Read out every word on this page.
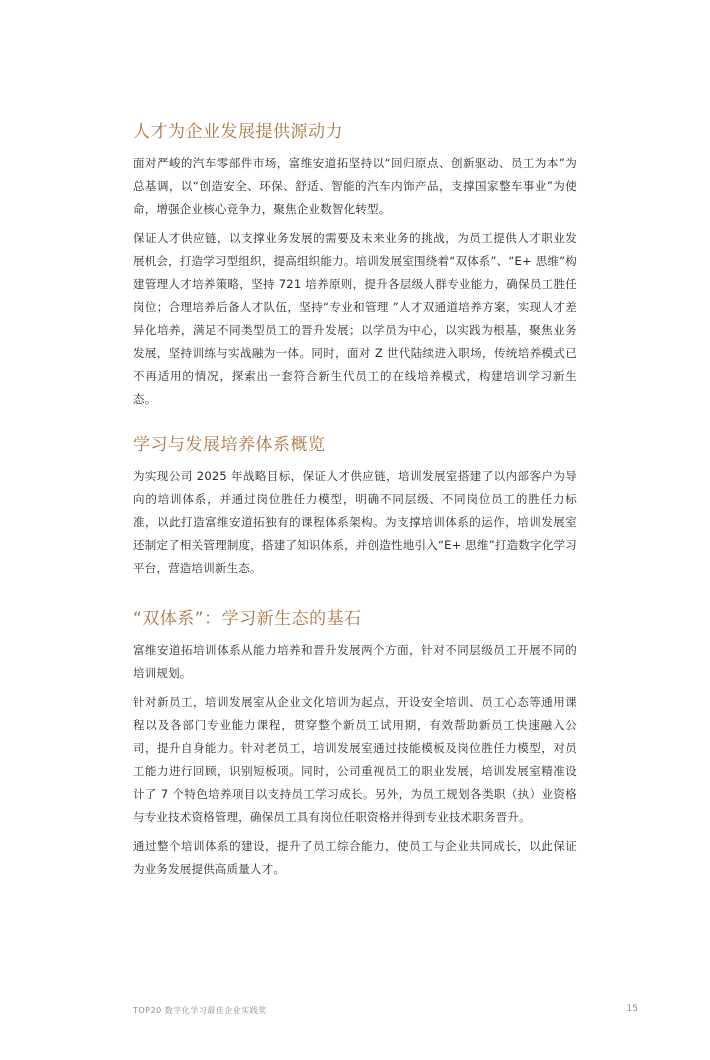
人才为企业发展提供源动力

面对严峻的汽车零部件市场，富维安道拓坚持以“回归原点、创新驱动、员工为本”为总基调，以“创造安全、环保、舒适、智能的汽车内饰产品，支撑国家整车事业”为使命，增强企业核心竞争力，聚焦企业数智化转型。

保证人才供应链，以支撑业务发展的需要及未来业务的挑战，为员工提供人才职业发展机会，打造学习型组织，提高组织能力。培训发展室围绕着“双体系”、“E+ 思维”构建管理人才培养策略，坚持 721 培养原则，提升各层级人群专业能力，确保员工胜任岗位；合理培养后备人才队伍，坚持“专业和管理 ”人才双通道培养方案，实现人才差异化培养，满足不同类型员工的晋升发展；以学员为中心，以实践为根基，聚焦业务发展，坚持训练与实战融为一体。同时，面对 Z 世代陆续进入职场，传统培养模式已不再适用的情况，探索出一套符合新生代员工的在线培养模式，构建培训学习新生态。

学习与发展培养体系概览

为实现公司 2025 年战略目标，保证人才供应链，培训发展室搭建了以内部客户为导向的培训体系，并通过岗位胜任力模型，明确不同层级、不同岗位员工的胜任力标准，以此打造富维安道拓独有的课程体系架构。为支撑培训体系的运作，培训发展室还制定了相关管理制度，搭建了知识体系，并创造性地引入“E+ 思维”打造数字化学习平台，营造培训新生态。

“双体系”：学习新生态的基石

富维安道拓培训体系从能力培养和晋升发展两个方面，针对不同层级员工开展不同的培训规划。

针对新员工，培训发展室从企业文化培训为起点，开设安全培训、员工心态等通用课程以及各部门专业能力课程，贯穿整个新员工试用期，有效帮助新员工快速融入公司，提升自身能力。针对老员工，培训发展室通过技能模板及岗位胜任力模型，对员工能力进行回顾，识别短板项。同时，公司重视员工的职业发展，培训发展室精准设计了 7 个特色培养项目以支持员工学习成长。另外，为员工规划各类职（执）业资格与专业技术资格管理，确保员工具有岗位任职资格并得到专业技术职务晋升。

通过整个培训体系的建设，提升了员工综合能力，使员工与企业共同成长，以此保证为业务发展提供高质量人才。

TOP20 数字化学习最佳企业实践奖	15
